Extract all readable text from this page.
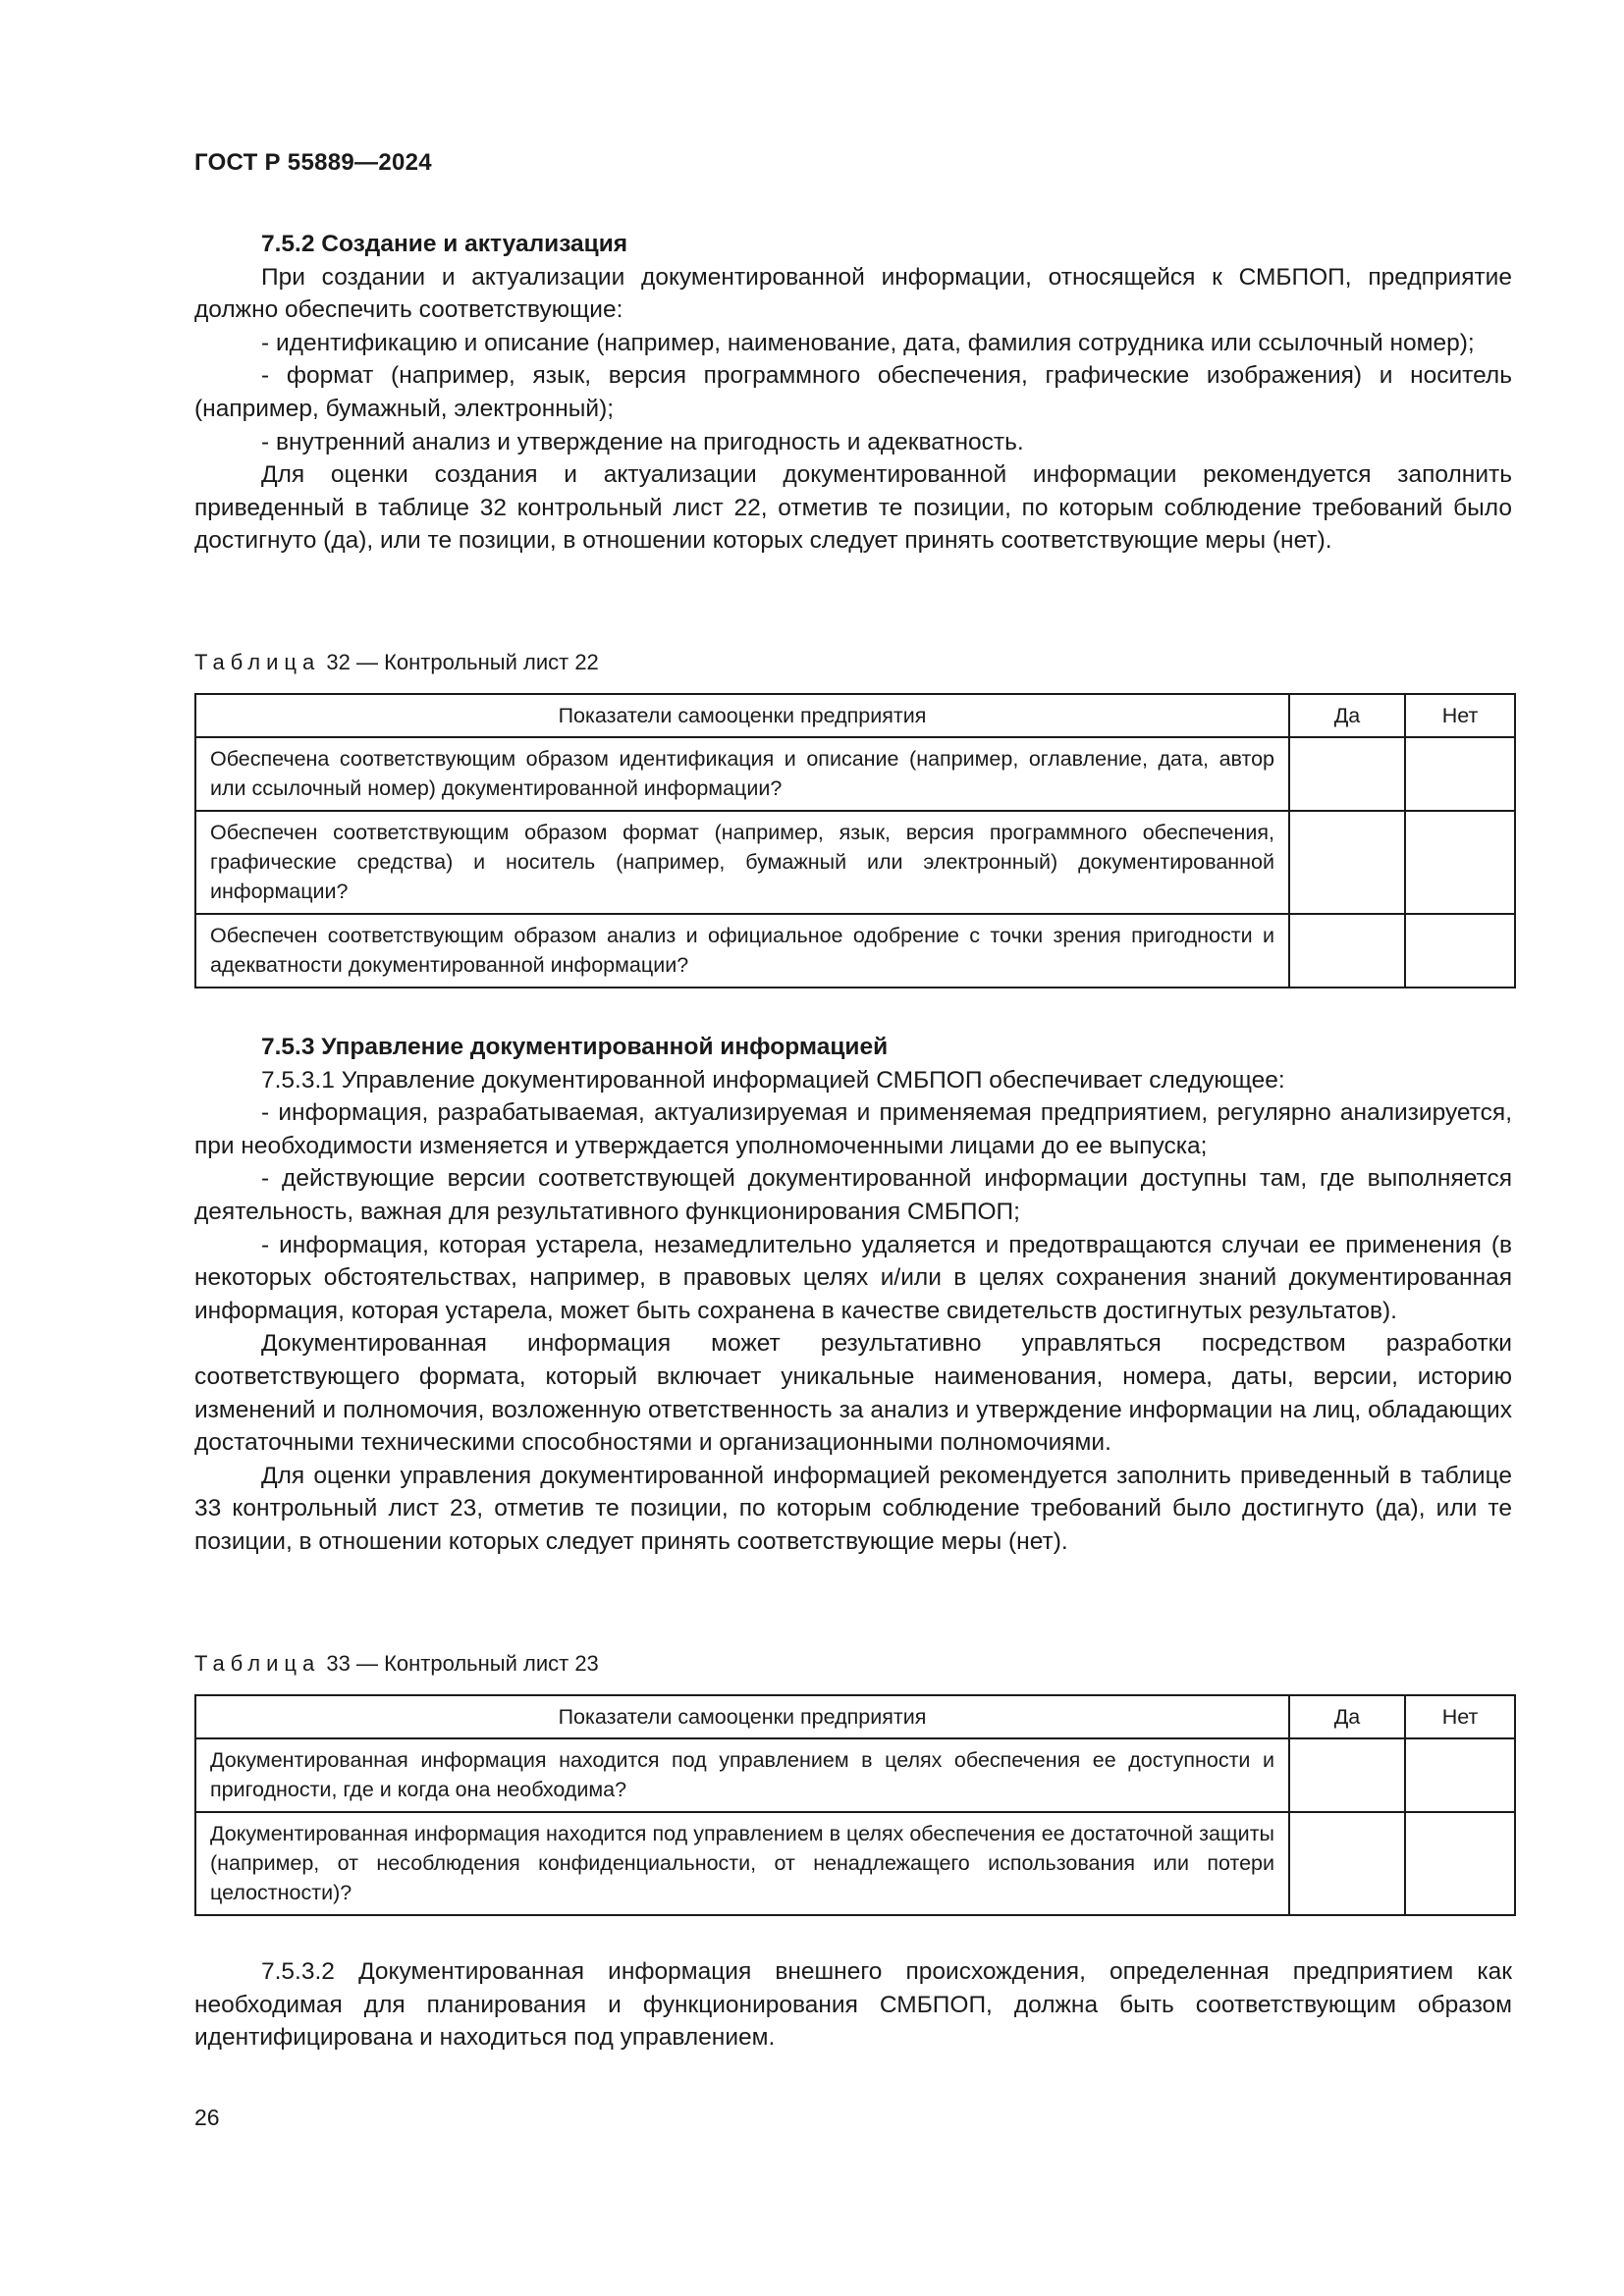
ГОСТ Р 55889—2024

7.5.2 Создание и актуализация

При создании и актуализации документированной информации, относящейся к СМБПОП, предприятие должно обеспечить соответствующие:

- идентификацию и описание (например, наименование, дата, фамилия сотрудника или ссылочный номер);

- формат (например, язык, версия программного обеспечения, графические изображения) и носитель (например, бумажный, электронный);

- внутренний анализ и утверждение на пригодность и адекватность.

Для оценки создания и актуализации документированной информации рекомендуется заполнить приведенный в таблице 32 контрольный лист 22, отметив те позиции, по которым соблюдение требований было достигнуто (да), или те позиции, в отношении которых следует принять соответствующие меры (нет).

Таблица 32 — Контрольный лист 22
Показатели самооценки предприятия	Да	Нет
Обеспечена соответствующим образом идентификация и описание (например, оглавление, дата, автор или ссылочный номер) документированной информации?		
Обеспечен соответствующим образом формат (например, язык, версия программного обеспечения, графические средства) и носитель (например, бумажный или электронный) документированной информации?		
Обеспечен соответствующим образом анализ и официальное одобрение с точки зрения пригодности и адекватности документированной информации?		

7.5.3 Управление документированной информацией

7.5.3.1 Управление документированной информацией СМБПОП обеспечивает следующее:

- информация, разрабатываемая, актуализируемая и применяемая предприятием, регулярно анализируется, при необходимости изменяется и утверждается уполномоченными лицами до ее выпуска;

- действующие версии соответствующей документированной информации доступны там, где выполняется деятельность, важная для результативного функционирования СМБПОП;

- информация, которая устарела, незамедлительно удаляется и предотвращаются случаи ее применения (в некоторых обстоятельствах, например, в правовых целях и/или в целях сохранения знаний документированная информация, которая устарела, может быть сохранена в качестве свидетельств достигнутых результатов).

Документированная информация может результативно управляться посредством разработки соответствующего формата, который включает уникальные наименования, номера, даты, версии, историю изменений и полномочия, возложенную ответственность за анализ и утверждение информации на лиц, обладающих достаточными техническими способностями и организационными полномочиями.

Для оценки управления документированной информацией рекомендуется заполнить приведенный в таблице 33 контрольный лист 23, отметив те позиции, по которым соблюдение требований было достигнуто (да), или те позиции, в отношении которых следует принять соответствующие меры (нет).

Таблица 33 — Контрольный лист 23
Показатели самооценки предприятия	Да	Нет
Документированная информация находится под управлением в целях обеспечения ее доступности и пригодности, где и когда она необходима?		
Документированная информация находится под управлением в целях обеспечения ее достаточной защиты (например, от несоблюдения конфиденциальности, от ненадлежащего использования или потери целостности)?		

7.5.3.2 Документированная информация внешнего происхождения, определенная предприятием как необходимая для планирования и функционирования СМБПОП, должна быть соответствующим образом идентифицирована и находиться под управлением.

26
